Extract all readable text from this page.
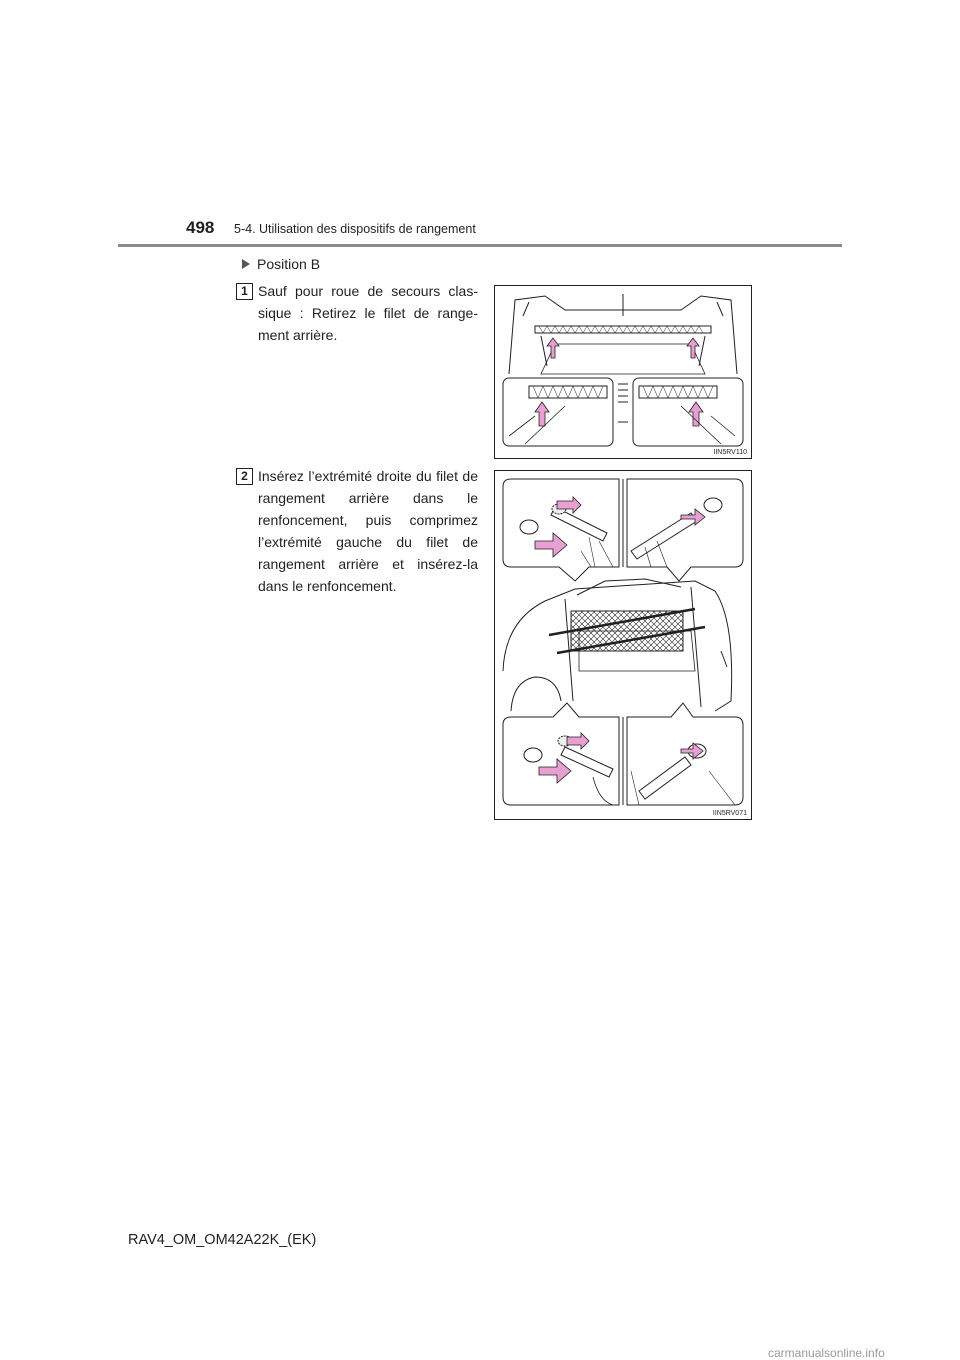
498 5-4. Utilisation des dispositifs de rangement
Position B
1 Sauf pour roue de secours clas-sique : Retirez le filet de range-ment arrière.
IIN5RV110
2 Insérez l’extrémité droite du filet de rangement arrière dans le renfoncement, puis comprimez l’extrémité gauche du filet de rangement arrière et insérez-la dans le renfoncement.
IIN5RV071
RAV4_OM_OM42A22K_(EK)
carmanualsonline.info
